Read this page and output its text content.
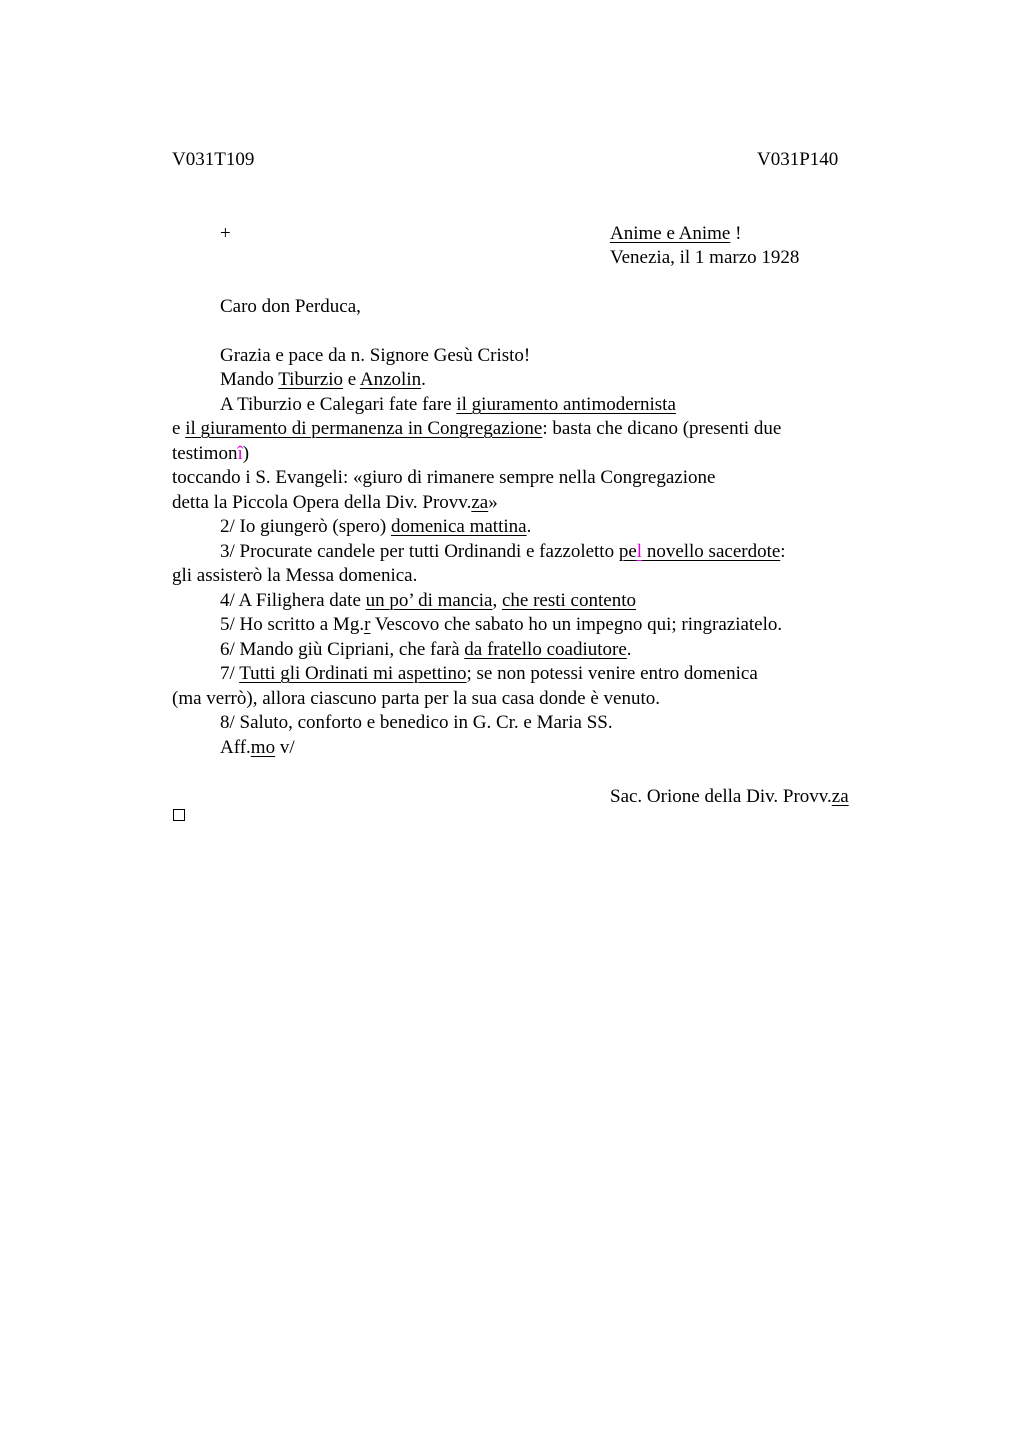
V031T109	V031P140
+	Anime e Anime !
Venezia, il 1 marzo 1928
Caro don Perduca,
Grazia e pace da n. Signore Gesù Cristo!
Mando Tiburzio e Anzolin.
A Tiburzio e Calegari fate fare il giuramento antimodernista
e il giuramento di permanenza in Congregazione: basta che dicano (presenti due
testimonî)
toccando i S. Evangeli: «giuro di rimanere sempre nella Congregazione
detta la Piccola Opera della Div. Provv.za»
2/ Io giungerò (spero) domenica mattina.
3/ Procurate candele per tutti Ordinandi e fazzoletto pel novello sacerdote:
gli assisterò la Messa domenica.
4/ A Filighera date un po’ di mancia, che resti contento
5/ Ho scritto a Mg.r Vescovo che sabato ho un impegno qui; ringraziatelo.
6/ Mando giù Cipriani, che farà da fratello coadiutore.
7/ Tutti gli Ordinati mi aspettino; se non potessi venire entro domenica
(ma verrò), allora ciascuno parta per la sua casa donde è venuto.
8/ Saluto, conforto e benedico in G. Cr. e Maria SS.
Aff.mo v/
Sac. Orione della Div. Provv.za
